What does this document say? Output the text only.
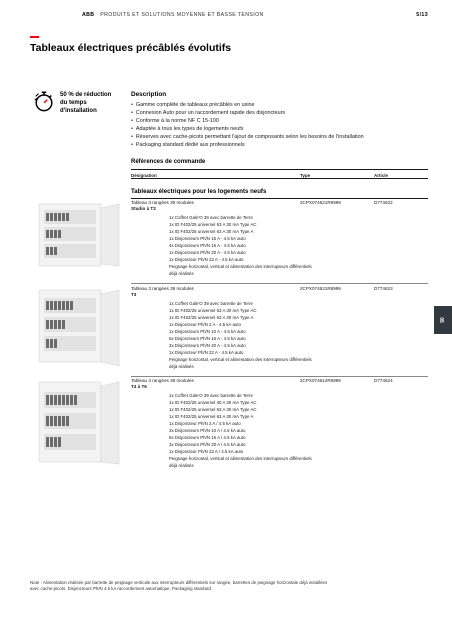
ABB PRODUITS ET SOLUTIONS MOYENNE ET BASSE TENSION	5/13
Tableaux électriques précâblés évolutifs
50 % de réduction du temps d'installation
Description
• Gamme complète de tableaux précâblés en usine
• Connexion Auto pour un raccordement rapide des disjoncteurs
• Conforme à la norme NF C 15-100
• Adaptée à tous les types de logements neufs
• Réserves avec cache-picots permettant l'ajout de composants selon les besoins de l'installation
• Packaging standard dédié aux professionnels
Références de commande
Désignation	Type	Article
Tableaux électriques pour les logements neufs
Tableau 3 rangées 39 modules
Studio à T2
2CPX074621R9999	D774622
1x Coffret Gale'O 39 avec barrette de Terre
1x ID F402/25 universel 63 A 30 mA Type AC
1x ID F402/25 universel 63 A 30 mA Type A
1x Disjoncteurs Ph/N 16 A - 4.5 kA auto
4x Disjoncteurs Ph/N 16 A - 4.5 kA auto
1x Disjoncteurs Ph/N 20 A - 4.5 kA auto
1x Disjoncteur Ph/N 32 A - 4.5 kA auto
Peignage horizontal, vertical et alimentation des interrupteurs différentiels déjà réalisés
Tableau 3 rangées 39 modules
T3
2CPX074621R8999	D774623
1x Coffret Gale'O 39 avec barrette de Terre
1x ID F402/25 universel 63 A 30 mA Type AC
1x ID F402/25 universel 63 A 30 mA Type A
1x Disjoncteur Ph/N 2 A - 4.5 kA auto
1x Disjoncteurs Ph/N 10 A - 4.5 kA auto
6x Disjoncteurs Ph/N 16 A - 4.5 kA auto
3x Disjoncteurs Ph/N 20 A - 4.5 kA auto
1x Disjoncteur Ph/N 32 A - 4.5 kA auto
Peignage horizontal, vertical et alimentation des interrupteurs différentiels déjà réalisés
Tableau 3 rangées 39 modules
T4 à T6
2CPX074614R9999	D774624
1x Coffret Gale'O 39 avec barrette de Terre
1x ID F402/25 universel 40 A 30 mA Type AC
1x ID F402/25 universel 63 A 30 mA Type AC
1x ID F402/25 universel 63 A 30 mA Type A
1x Disjoncteur Ph/N 2 A / 4.5 kA auto
3x Disjoncteurs Ph/N 10 A / 4.5 kA auto
6x Disjoncteurs Ph/N 16 A / 4.5 kA auto
3x Disjoncteurs Ph/N 20 A / 4.5 kA auto
1x Disjoncteur Ph/N 32 A / 4.5 kA auto
Peignage horizontal, vertical et alimentation des interrupteurs différentiels déjà réalisés
05
Note : Alimentation réalisée par barrette de peignage verticale aux interrupteurs différentiels sur rangée, barrettes de peignage horizontale déjà installées avec cache-picots. Disjoncteurs Ph/N 4,5 kA raccordement automatique. Packaging standard.
